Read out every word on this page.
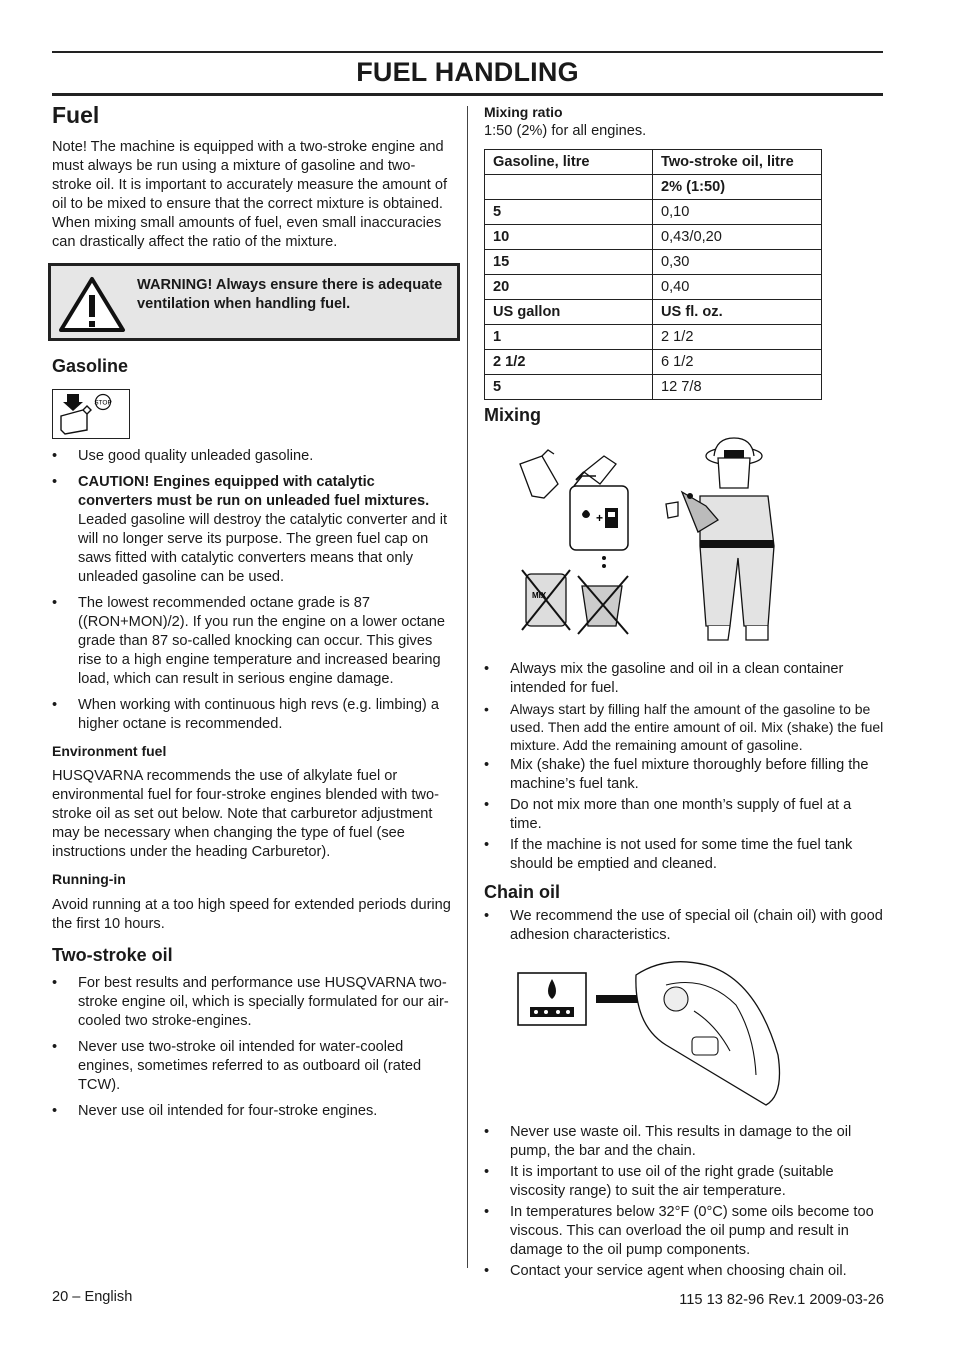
FUEL HANDLING
Fuel

Note! The machine is equipped with a two-stroke engine and must always be run using a mixture of gasoline and two-stroke oil. It is important to accurately measure the amount of oil to be mixed to ensure that the correct mixture is obtained. When mixing small amounts of fuel, even small inaccuracies can drastically affect the ratio of the mixture.

WARNING! Always ensure there is adequate ventilation when handling fuel.
Gasoline
STOP
• Use good quality unleaded gasoline.
• CAUTION! Engines equipped with catalytic converters must be run on unleaded fuel mixtures. Leaded gasoline will destroy the catalytic converter and it will no longer serve its purpose. The green fuel cap on saws fitted with catalytic converters means that only unleaded gasoline can be used.
• The lowest recommended octane grade is 87 ((RON+MON)/2). If you run the engine on a lower octane grade than 87 so-called knocking can occur. This gives rise to a high engine temperature and increased bearing load, which can result in serious engine damage.
• When working with continuous high revs (e.g. limbing) a higher octane is recommended.
Environment fuel

HUSQVARNA recommends the use of alkylate fuel or environmental fuel for four-stroke engines blended with two-stroke oil as set out below. Note that carburetor adjustment may be necessary when changing the type of fuel (see instructions under the heading Carburetor).

Running-in

Avoid running at a too high speed for extended periods during the first 10 hours.

Two-stroke oil
• For best results and performance use HUSQVARNA two-stroke engine oil, which is specially formulated for our air-cooled two stroke-engines.
• Never use two-stroke oil intended for water-cooled engines, sometimes referred to as outboard oil (rated TCW).
• Never use oil intended for four-stroke engines.
Mixing ratio

1:50 (2%) for all engines.

Gasoline, litre	Two-stroke oil, litre
	2% (1:50)
5	0,10
10	0,43/0,20
15	0,30
20	0,40
US gallon	US fl. oz.
1	2 1/2
2 1/2	6 1/2
5	12 7/8
Mixing
+
MIX
• Always mix the gasoline and oil in a clean container intended for fuel.
• Always start by filling half the amount of the gasoline to be used. Then add the entire amount of oil. Mix (shake) the fuel mixture. Add the remaining amount of gasoline.
• Mix (shake) the fuel mixture thoroughly before filling the machine’s fuel tank.
• Do not mix more than one month’s supply of fuel at a time.
• If the machine is not used for some time the fuel tank should be emptied and cleaned.
Chain oil
• We recommend the use of special oil (chain oil) with good adhesion characteristics.
• Never use waste oil. This results in damage to the oil pump, the bar and the chain.
• It is important to use oil of the right grade (suitable viscosity range) to suit the air temperature.
• In temperatures below 32°F (0°C) some oils become too viscous. This can overload the oil pump and result in damage to the oil pump components.
• Contact your service agent when choosing chain oil.
20 – English	115 13 82-96 Rev.1 2009-03-26
